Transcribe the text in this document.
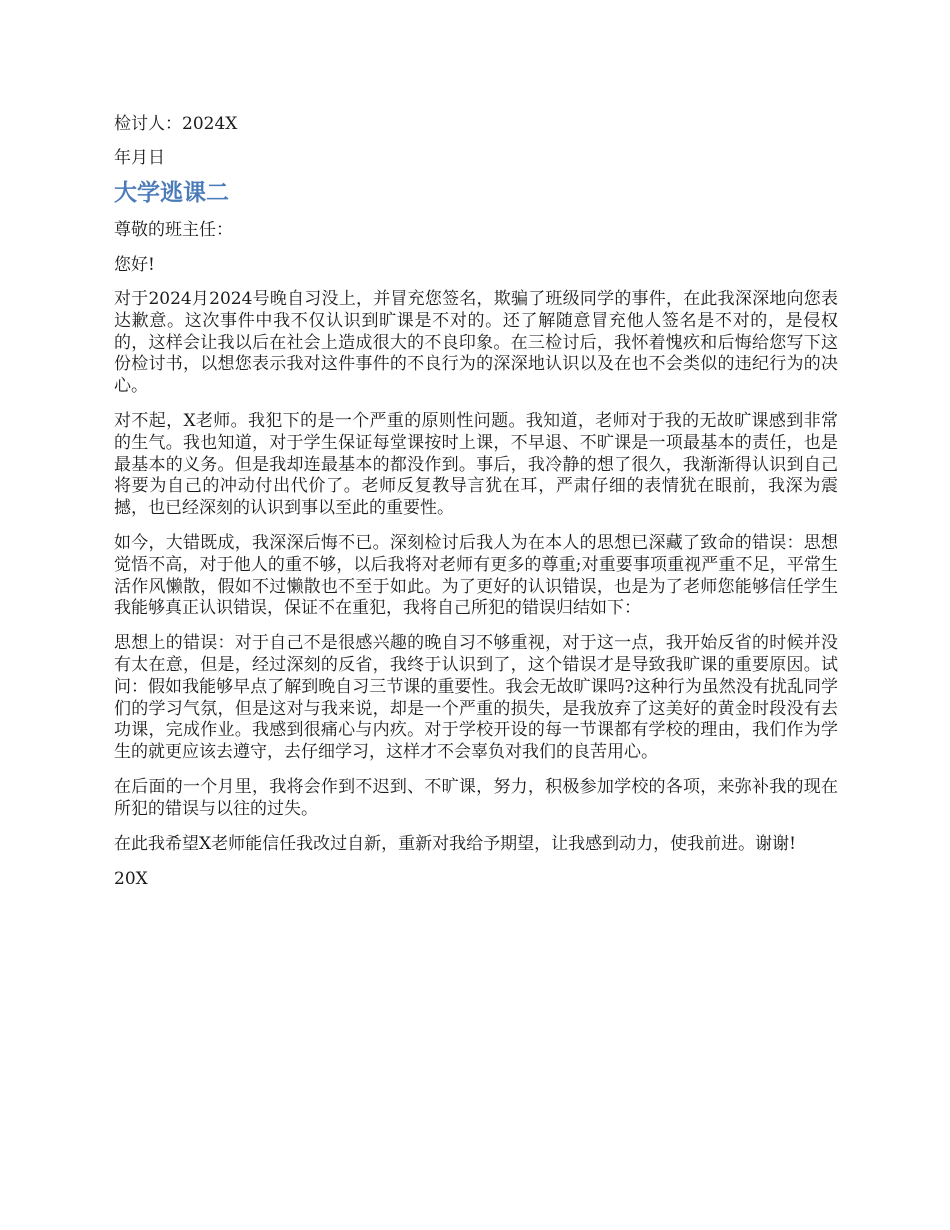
检讨人：2024X

年月日

大学逃课二

尊敬的班主任：

您好!

对于2024月2024号晚自习没上，并冒充您签名，欺骗了班级同学的事件，在此我深深地向您表达歉意。这次事件中我不仅认识到旷课是不对的。还了解随意冒充他人签名是不对的，是侵权的，这样会让我以后在社会上造成很大的不良印象。在三检讨后，我怀着愧疚和后悔给您写下这份检讨书，以想您表示我对这件事件的不良行为的深深地认识以及在也不会类似的违纪行为的决心。

对不起，X老师。我犯下的是一个严重的原则性问题。我知道，老师对于我的无故旷课感到非常的生气。我也知道，对于学生保证每堂课按时上课，不早退、不旷课是一项最基本的责任，也是最基本的义务。但是我却连最基本的都没作到。事后，我冷静的想了很久，我渐渐得认识到自己将要为自己的冲动付出代价了。老师反复教导言犹在耳，严肃仔细的表情犹在眼前，我深为震撼，也已经深刻的认识到事以至此的重要性。

如今，大错既成，我深深后悔不已。深刻检讨后我人为在本人的思想已深藏了致命的错误：思想觉悟不高，对于他人的重不够，以后我将对老师有更多的尊重;对重要事项重视严重不足，平常生活作风懒散，假如不过懒散也不至于如此。为了更好的认识错误，也是为了老师您能够信任学生我能够真正认识错误，保证不在重犯，我将自己所犯的错误归结如下：

思想上的错误：对于自己不是很感兴趣的晚自习不够重视，对于这一点，我开始反省的时候并没有太在意，但是，经过深刻的反省，我终于认识到了，这个错误才是导致我旷课的重要原因。试问：假如我能够早点了解到晚自习三节课的重要性。我会无故旷课吗?这种行为虽然没有扰乱同学们的学习气氛，但是这对与我来说，却是一个严重的损失，是我放弃了这美好的黄金时段没有去功课，完成作业。我感到很痛心与内疚。对于学校开设的每一节课都有学校的理由，我们作为学生的就更应该去遵守，去仔细学习，这样才不会辜负对我们的良苦用心。

在后面的一个月里，我将会作到不迟到、不旷课，努力，积极参加学校的各项，来弥补我的现在所犯的错误与以往的过失。

在此我希望X老师能信任我改过自新，重新对我给予期望，让我感到动力，使我前进。谢谢!

20X
